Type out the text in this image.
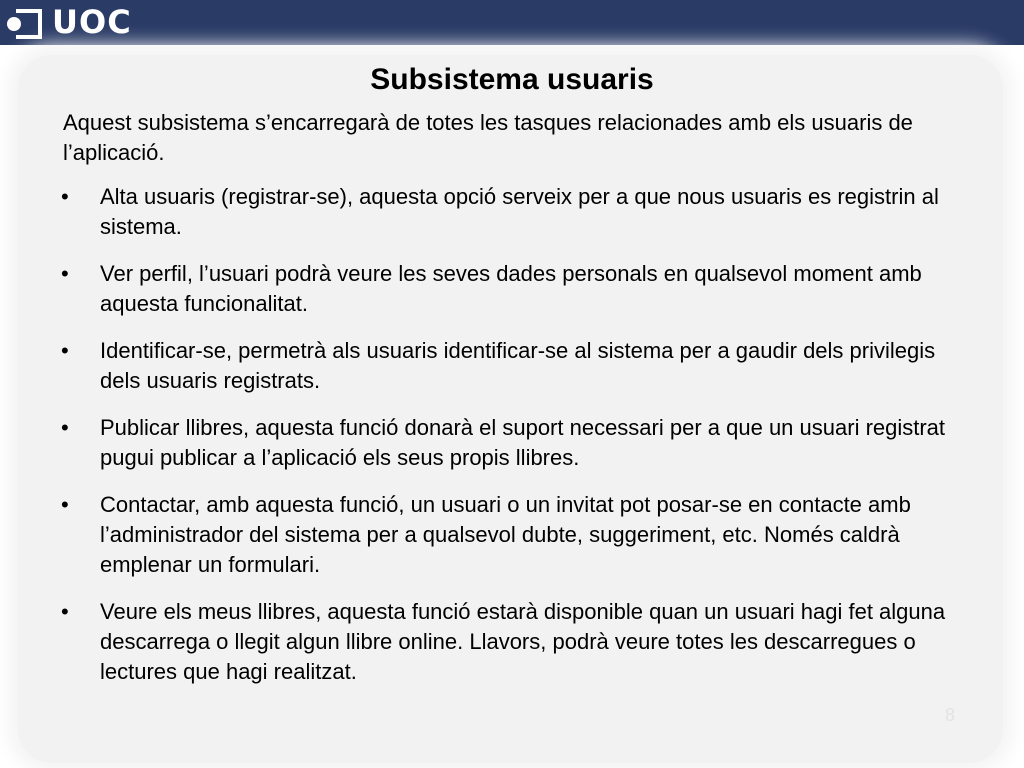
UOC
Subsistema usuaris

Aquest subsistema s’encarregarà de totes les tasques relacionades amb els usuaris de l’aplicació.

•	Alta usuaris (registrar-se), aquesta opció serveix per a que nous usuaris es registrin al sistema.
•	Ver perfil, l’usuari podrà veure les seves dades personals en qualsevol moment amb aquesta funcionalitat.
•	Identificar-se, permetrà als usuaris identificar-se al sistema per a gaudir dels privilegis dels usuaris registrats.
•	Publicar llibres, aquesta funció donarà el suport necessari per a que un usuari registrat pugui publicar a l’aplicació els seus propis llibres.
•	Contactar, amb aquesta funció, un usuari o un invitat pot posar-se en contacte amb l’administrador del sistema per a qualsevol dubte, suggeriment, etc. Només caldrà emplenar un formulari.
•	Veure els meus llibres, aquesta funció estarà disponible quan un usuari hagi fet alguna descarrega o llegit algun llibre online. Llavors, podrà veure totes les descarregues o lectures que hagi realitzat.
8
